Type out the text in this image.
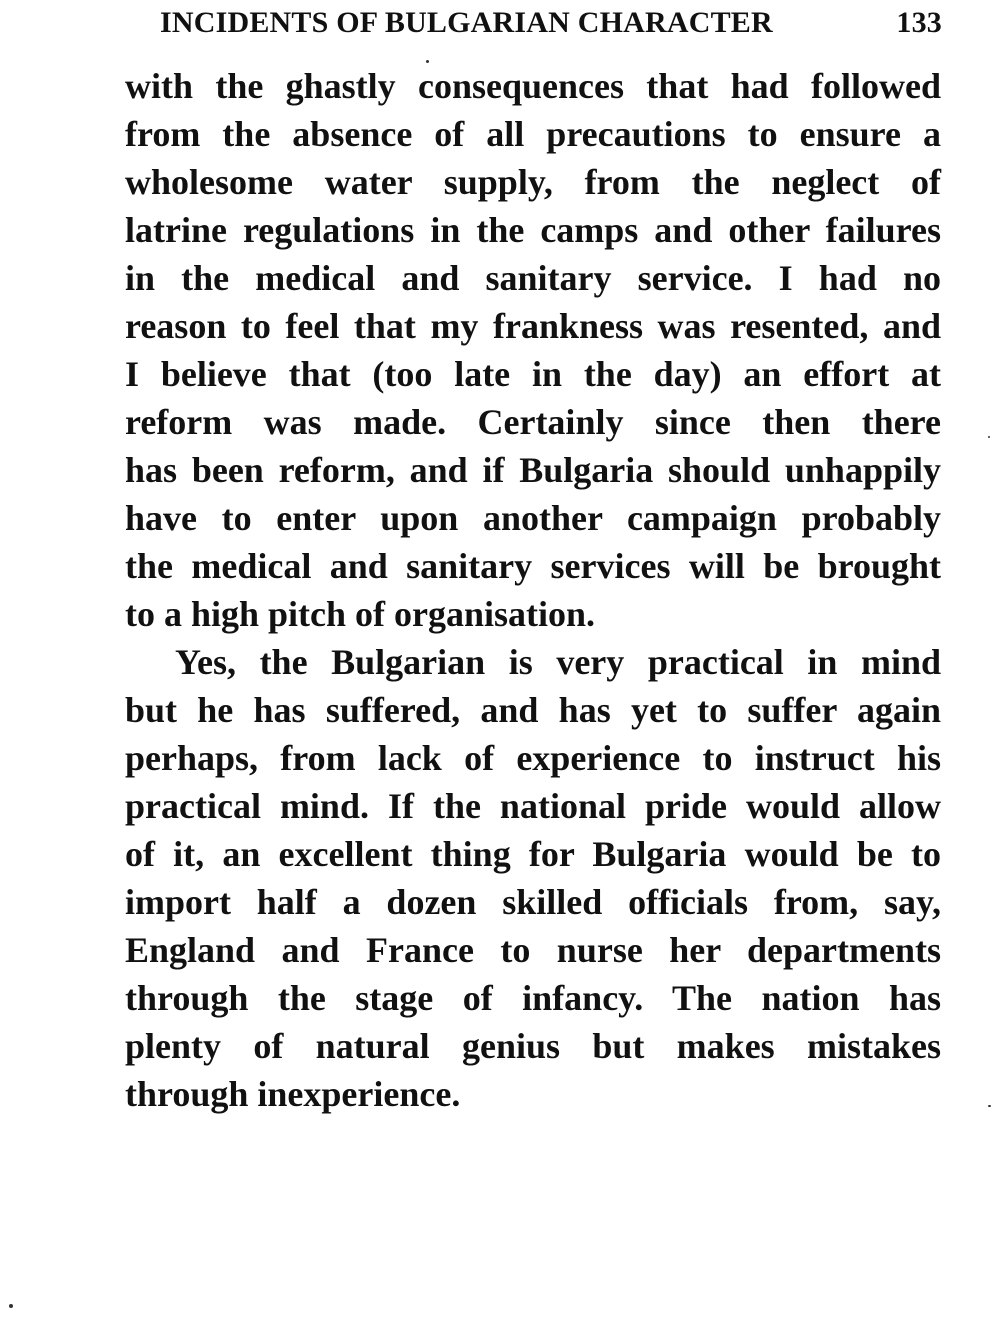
INCIDENTS OF BULGARIAN CHARACTER	133
with the ghastly consequences that had followed
from the absence of all precautions to ensure a
wholesome water supply, from the neglect of
latrine regulations in the camps and other failures
in the medical and sanitary service. I had no
reason to feel that my frankness was resented, and
I believe that (too late in the day) an effort at
reform was made. Certainly since then there
has been reform, and if Bulgaria should unhappily
have to enter upon another campaign probably
the medical and sanitary services will be brought
to a high pitch of organisation.
Yes, the Bulgarian is very practical in mind
but he has suffered, and has yet to suffer again
perhaps, from lack of experience to instruct his
practical mind. If the national pride would allow
of it, an excellent thing for Bulgaria would be to
import half a dozen skilled officials from, say,
England and France to nurse her departments
through the stage of infancy. The nation has
plenty of natural genius but makes mistakes
through inexperience.
